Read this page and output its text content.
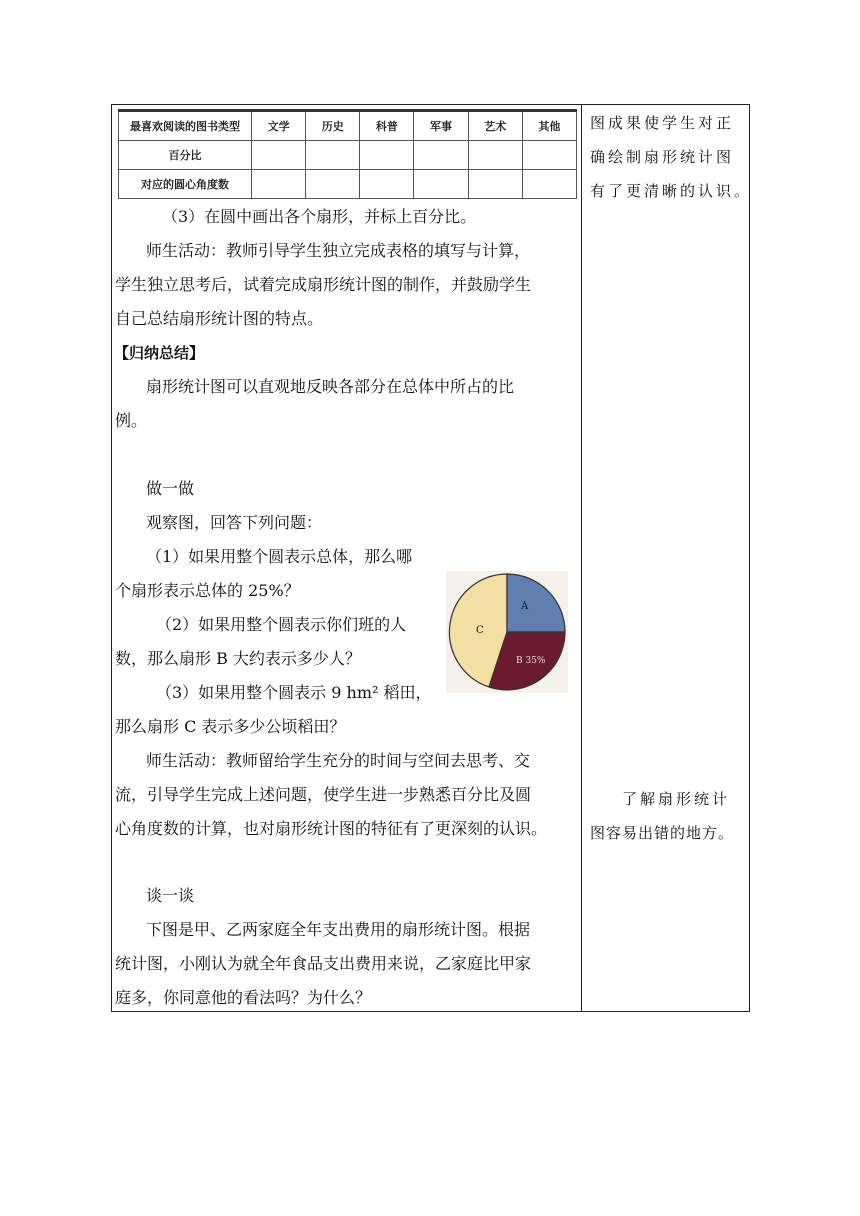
最喜欢阅读的图书类型	文学	历史	科普	军事	艺术	其他
百分比						
对应的圆心角度数						
（3）在圆中画出各个扇形，并标上百分比。
师生活动：教师引导学生独立完成表格的填写与计算，
学生独立思考后，试着完成扇形统计图的制作，并鼓励学生
自己总结扇形统计图的特点。
【归纳总结】
扇形统计图可以直观地反映各部分在总体中所占的比
例。
做一做
观察图，回答下列问题：
（1）如果用整个圆表示总体，那么哪
个扇形表示总体的 25%？
（2）如果用整个圆表示你们班的人
数，那么扇形 B 大约表示多少人？
（3）如果用整个圆表示 9 hm² 稻田，
那么扇形 C 表示多少公顷稻田？
师生活动：教师留给学生充分的时间与空间去思考、交
流，引导学生完成上述问题，使学生进一步熟悉百分比及圆
心角度数的计算，也对扇形统计图的特征有了更深刻的认识。
谈一谈
下图是甲、乙两家庭全年支出费用的扇形统计图。根据
统计图，小刚认为就全年食品支出费用来说，乙家庭比甲家
庭多，你同意他的看法吗？为什么？
A
B 35%
C
图成果使学生对正
确绘制扇形统计图
有了更清晰的认识。
了解扇形统计
图容易出错的地方。
